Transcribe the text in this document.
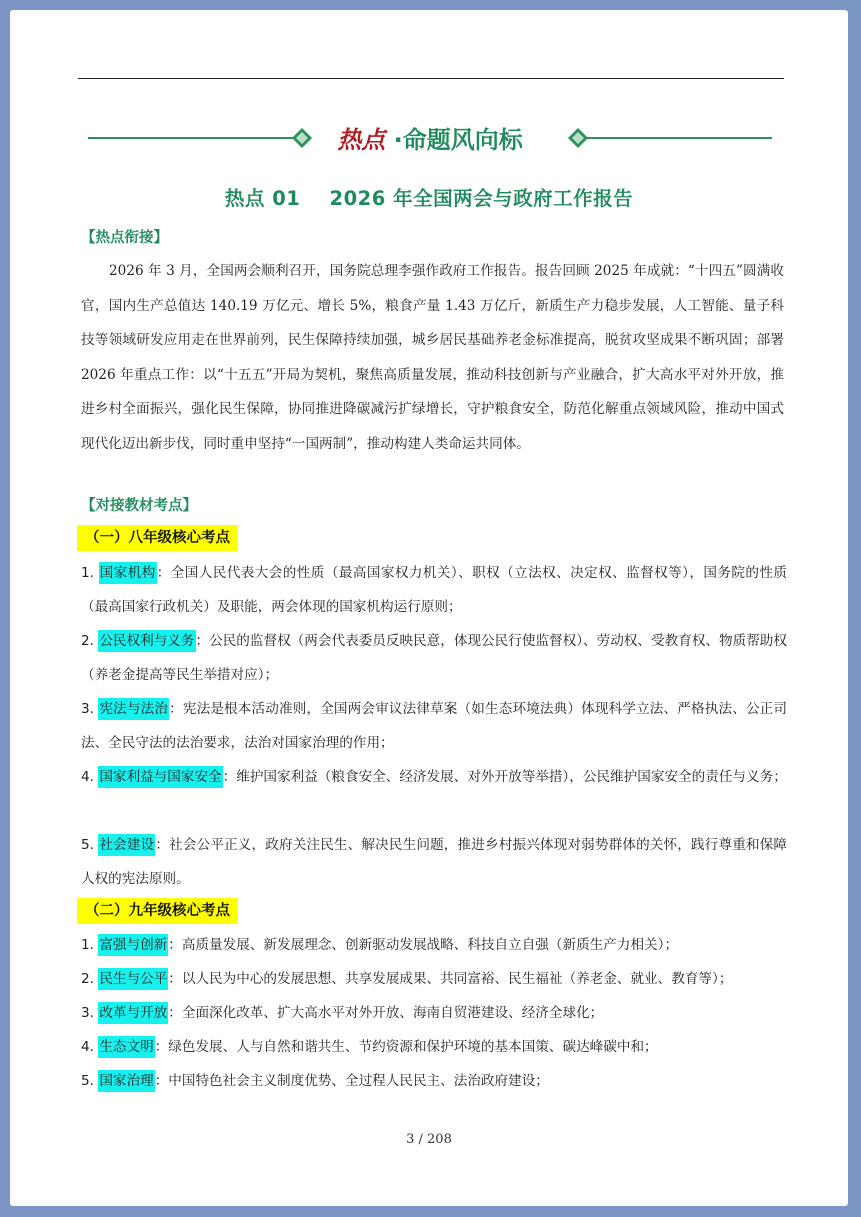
热点 ·命题风向标
热点 01    2026 年全国两会与政府工作报告
【热点衔接】

2026 年 3 月，全国两会顺利召开，国务院总理李强作政府工作报告。报告回顾 2025 年成就：“十四五”圆满收官，国内生产总值达 140.19 万亿元、增长 5%，粮食产量 1.43 万亿斤，新质生产力稳步发展，人工智能、量子科技等领域研发应用走在世界前列，民生保障持续加强，城乡居民基础养老金标准提高，脱贫攻坚成果不断巩固；部署 2026 年重点工作：以“十五五”开局为契机，聚焦高质量发展，推动科技创新与产业融合，扩大高水平对外开放，推进乡村全面振兴，强化民生保障，协同推进降碳减污扩绿增长，守护粮食安全，防范化解重点领域风险，推动中国式现代化迈出新步伐，同时重申坚持“一国两制”，推动构建人类命运共同体。

【对接教材考点】
（一）八年级核心考点

1. 国家机构：全国人民代表大会的性质（最高国家权力机关）、职权（立法权、决定权、监督权等），国务院的性质（最高国家行政机关）及职能，两会体现的国家机构运行原则；

2. 公民权利与义务：公民的监督权（两会代表委员反映民意，体现公民行使监督权）、劳动权、受教育权、物质帮助权（养老金提高等民生举措对应）；

3. 宪法与法治：宪法是根本活动准则，全国两会审议法律草案（如生态环境法典）体现科学立法、严格执法、公正司法、全民守法的法治要求，法治对国家治理的作用；

4. 国家利益与国家安全：维护国家利益（粮食安全、经济发展、对外开放等举措），公民维护国家安全的责任与义务；

5. 社会建设：社会公平正义，政府关注民生、解决民生问题，推进乡村振兴体现对弱势群体的关怀，践行尊重和保障人权的宪法原则。

（二）九年级核心考点

1. 富强与创新：高质量发展、新发展理念、创新驱动发展战略、科技自立自强（新质生产力相关）；

2. 民生与公平：以人民为中心的发展思想、共享发展成果、共同富裕、民生福祉（养老金、就业、教育等）；

3. 改革与开放：全面深化改革、扩大高水平对外开放、海南自贸港建设、经济全球化；

4. 生态文明：绿色发展、人与自然和谐共生、节约资源和保护环境的基本国策、碳达峰碳中和；

5. 国家治理：中国特色社会主义制度优势、全过程人民民主、法治政府建设；

3 / 208
